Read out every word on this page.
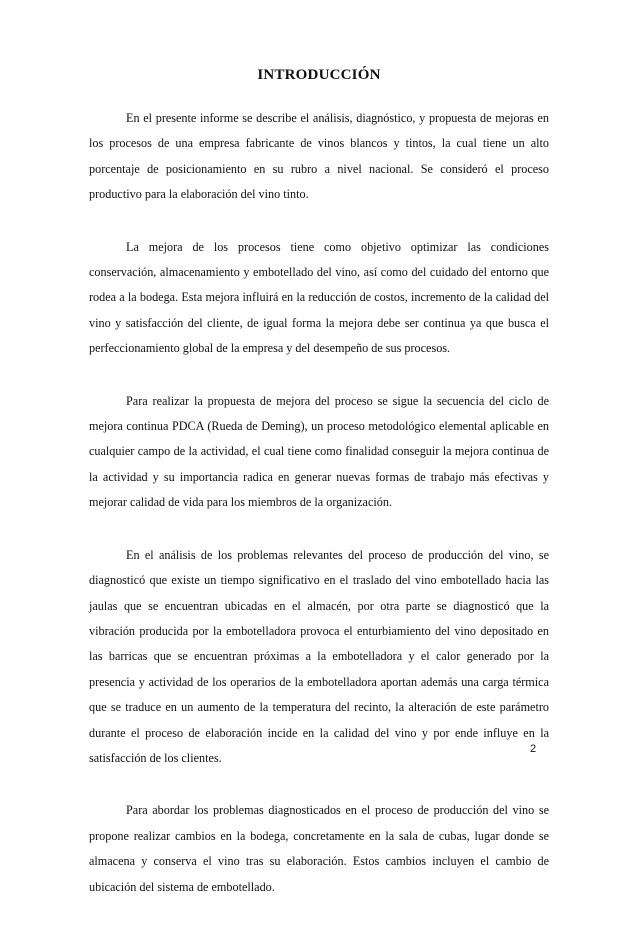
INTRODUCCIÓN

En el presente informe se describe el análisis, diagnóstico, y propuesta de mejoras en los procesos de una empresa fabricante de vinos blancos y tintos, la cual tiene un alto porcentaje de posicionamiento en su rubro a nivel nacional. Se consideró el proceso productivo para la elaboración del vino tinto.

La mejora de los procesos tiene como objetivo optimizar las condiciones conservación, almacenamiento y embotellado del vino, así como del cuidado del entorno que rodea a la bodega. Esta mejora influirá en la reducción de costos, incremento de la calidad del vino y satisfacción del cliente, de igual forma la mejora debe ser continua ya que busca el perfeccionamiento global de la empresa y del desempeño de sus procesos.

Para realizar la propuesta de mejora del proceso se sigue la secuencia del ciclo de mejora continua PDCA (Rueda de Deming), un proceso metodológico elemental aplicable en cualquier campo de la actividad, el cual tiene como finalidad conseguir la mejora continua de la actividad y su importancia radica en generar nuevas formas de trabajo más efectivas y mejorar calidad de vida para los miembros de la organización.

En el análisis de los problemas relevantes del proceso de producción del vino, se diagnosticó que existe un tiempo significativo en el traslado del vino embotellado hacia las jaulas que se encuentran ubicadas en el almacén, por otra parte se diagnosticó que la vibración producida por la embotelladora provoca el enturbiamiento del vino depositado en las barricas que se encuentran próximas a la embotelladora y el calor generado por la presencia y actividad de los operarios de la embotelladora aportan además una carga térmica que se traduce en un aumento de la temperatura del recinto, la alteración de este parámetro durante el proceso de elaboración incide en la calidad del vino y por ende influye en la satisfacción de los clientes.

Para abordar los problemas diagnosticados en el proceso de producción del vino se propone realizar cambios en la bodega, concretamente en la sala de cubas, lugar donde se almacena y conserva el vino tras su elaboración. Estos cambios incluyen el cambio de ubicación del sistema de embotellado.

2
